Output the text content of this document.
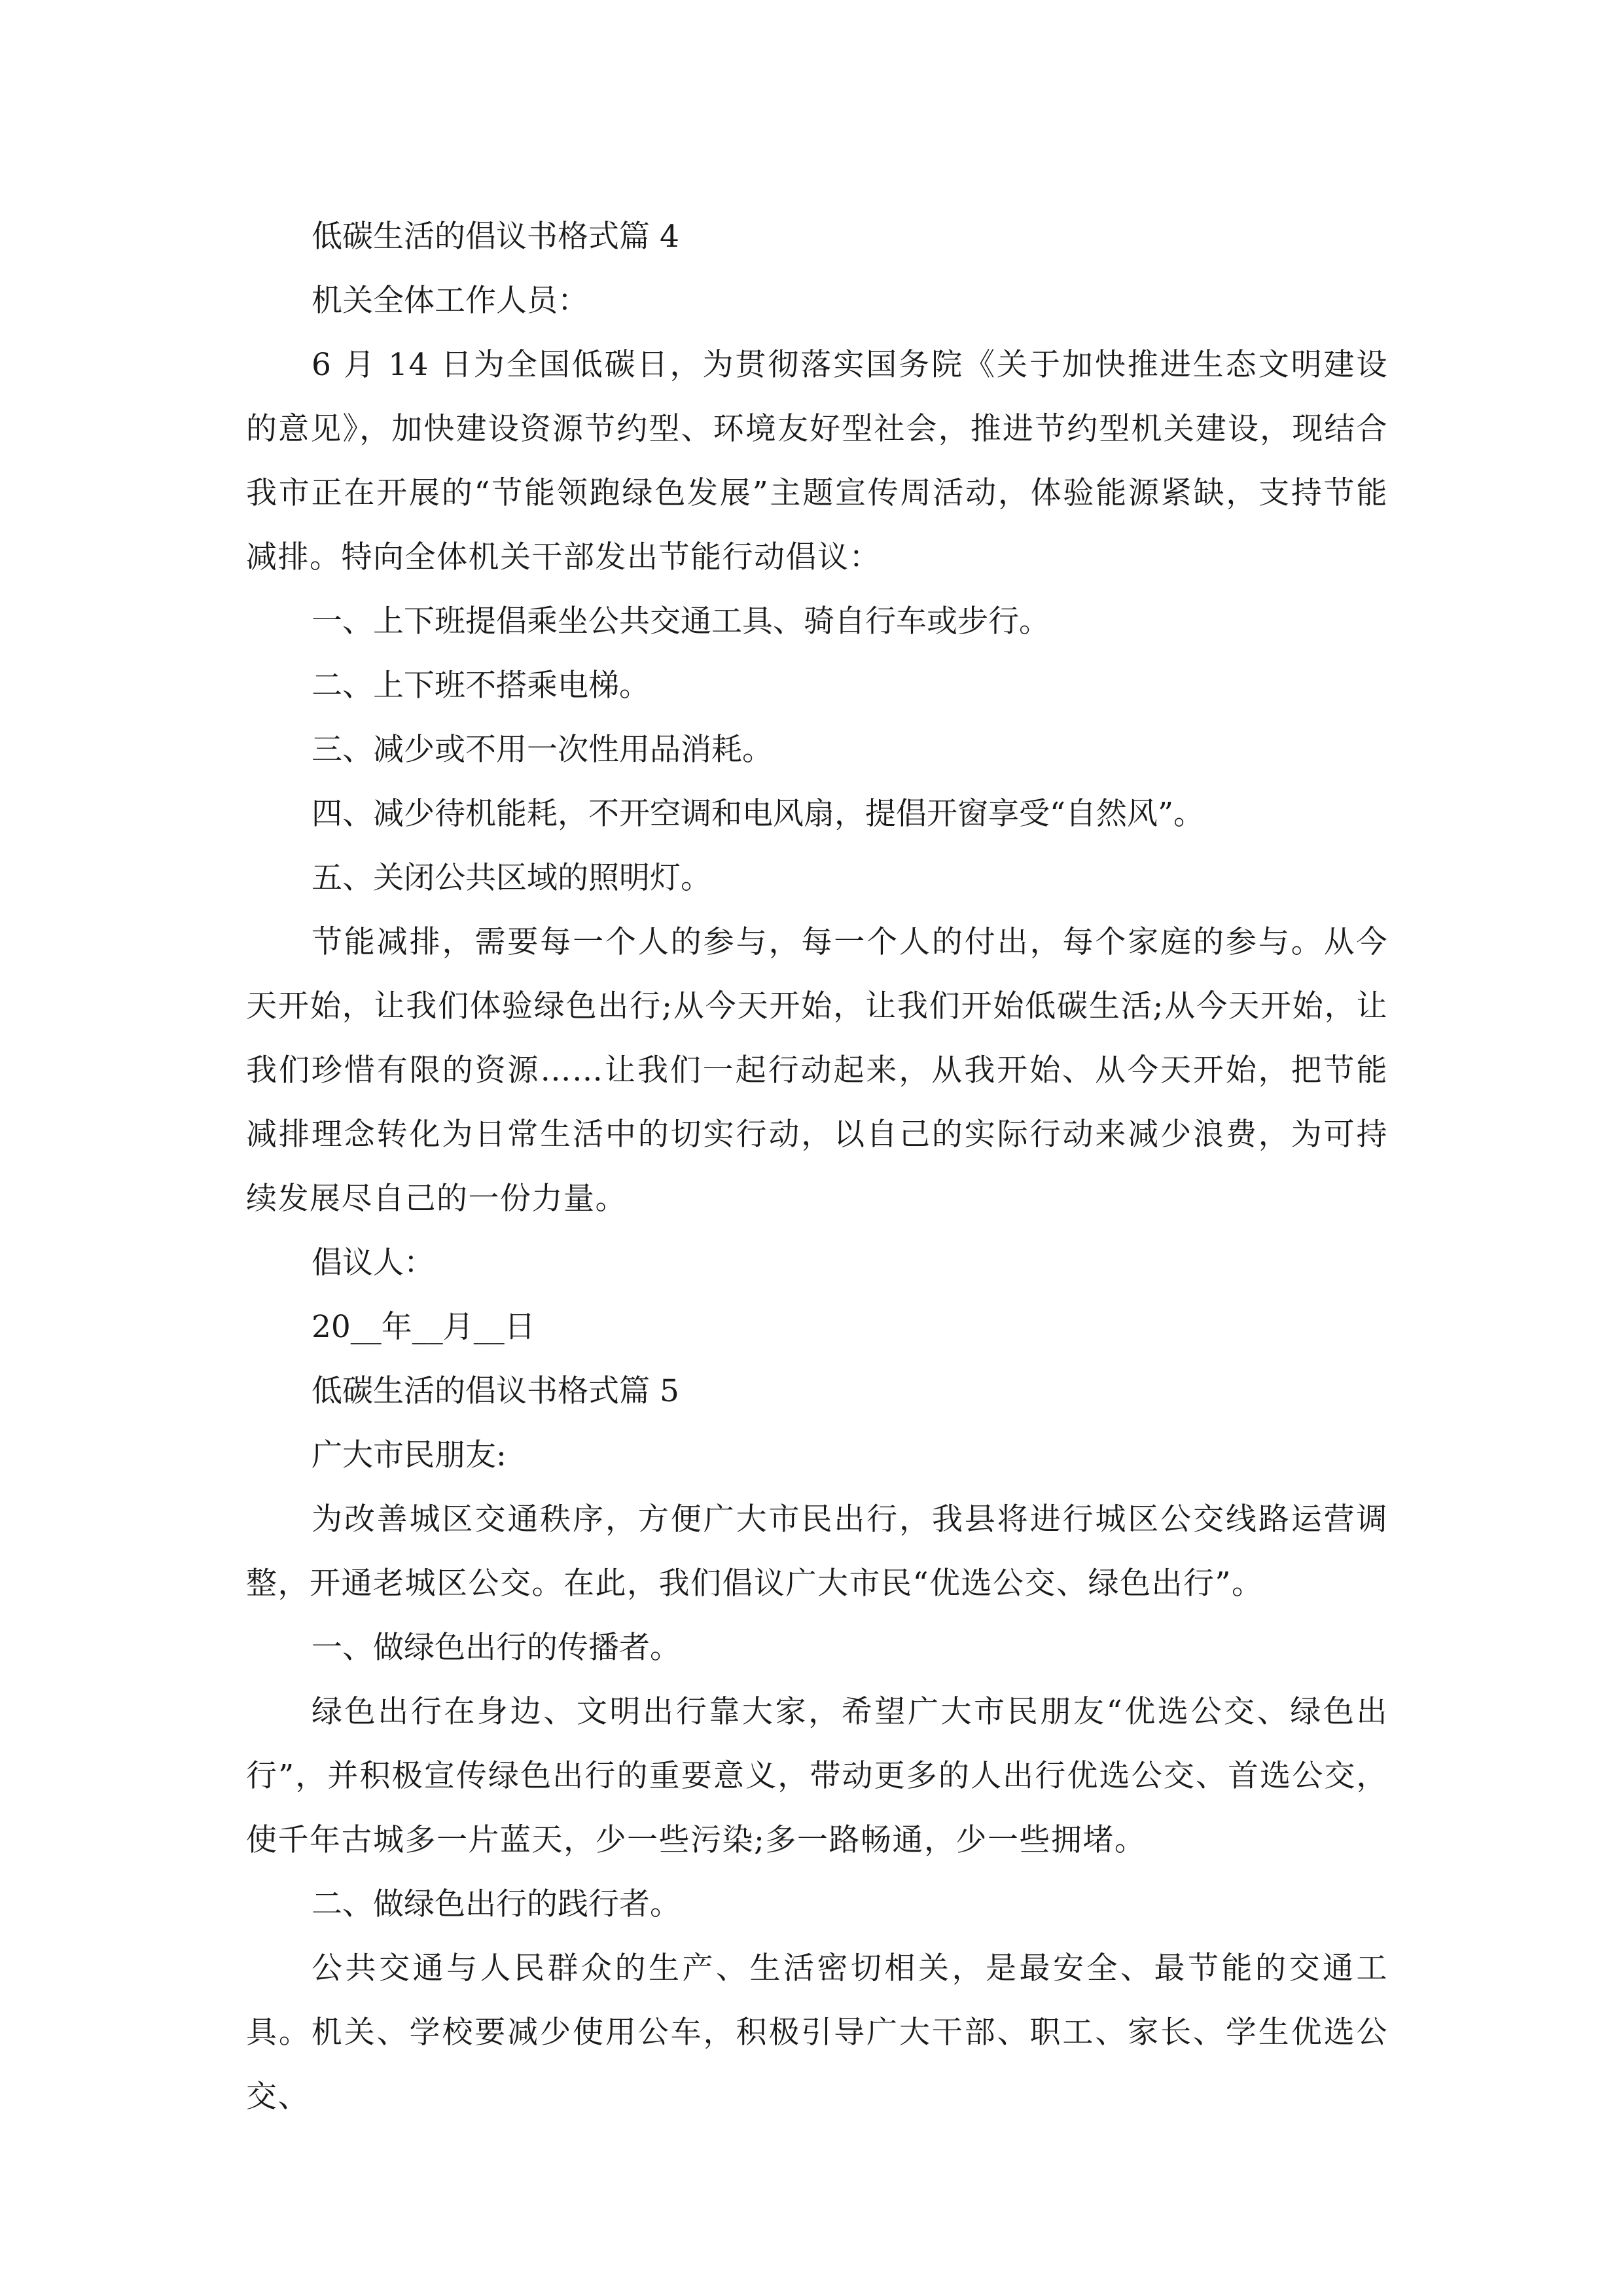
低碳生活的倡议书格式篇 4

机关全体工作人员：

6 月 14 日为全国低碳日，为贯彻落实国务院《关于加快推进生态文明建设的意见》，加快建设资源节约型、环境友好型社会，推进节约型机关建设，现结合我市正在开展的“节能领跑绿色发展”主题宣传周活动，体验能源紧缺，支持节能减排。特向全体机关干部发出节能行动倡议：

一、上下班提倡乘坐公共交通工具、骑自行车或步行。

二、上下班不搭乘电梯。

三、减少或不用一次性用品消耗。

四、减少待机能耗，不开空调和电风扇，提倡开窗享受“自然风”。

五、关闭公共区域的照明灯。

节能减排，需要每一个人的参与，每一个人的付出，每个家庭的参与。从今天开始，让我们体验绿色出行;从今天开始，让我们开始低碳生活;从今天开始，让我们珍惜有限的资源……让我们一起行动起来，从我开始、从今天开始，把节能减排理念转化为日常生活中的切实行动，以自己的实际行动来减少浪费，为可持续发展尽自己的一份力量。

倡议人：

20__年__月__日

低碳生活的倡议书格式篇 5

广大市民朋友:

为改善城区交通秩序，方便广大市民出行，我县将进行城区公交线路运营调整，开通老城区公交。在此，我们倡议广大市民“优选公交、绿色出行”。

一、做绿色出行的传播者。

绿色出行在身边、文明出行靠大家，希望广大市民朋友“优选公交、绿色出行”，并积极宣传绿色出行的重要意义，带动更多的人出行优选公交、首选公交，使千年古城多一片蓝天，少一些污染;多一路畅通，少一些拥堵。

二、做绿色出行的践行者。

公共交通与人民群众的生产、生活密切相关，是最安全、最节能的交通工具。机关、学校要减少使用公车，积极引导广大干部、职工、家长、学生优选公交、
